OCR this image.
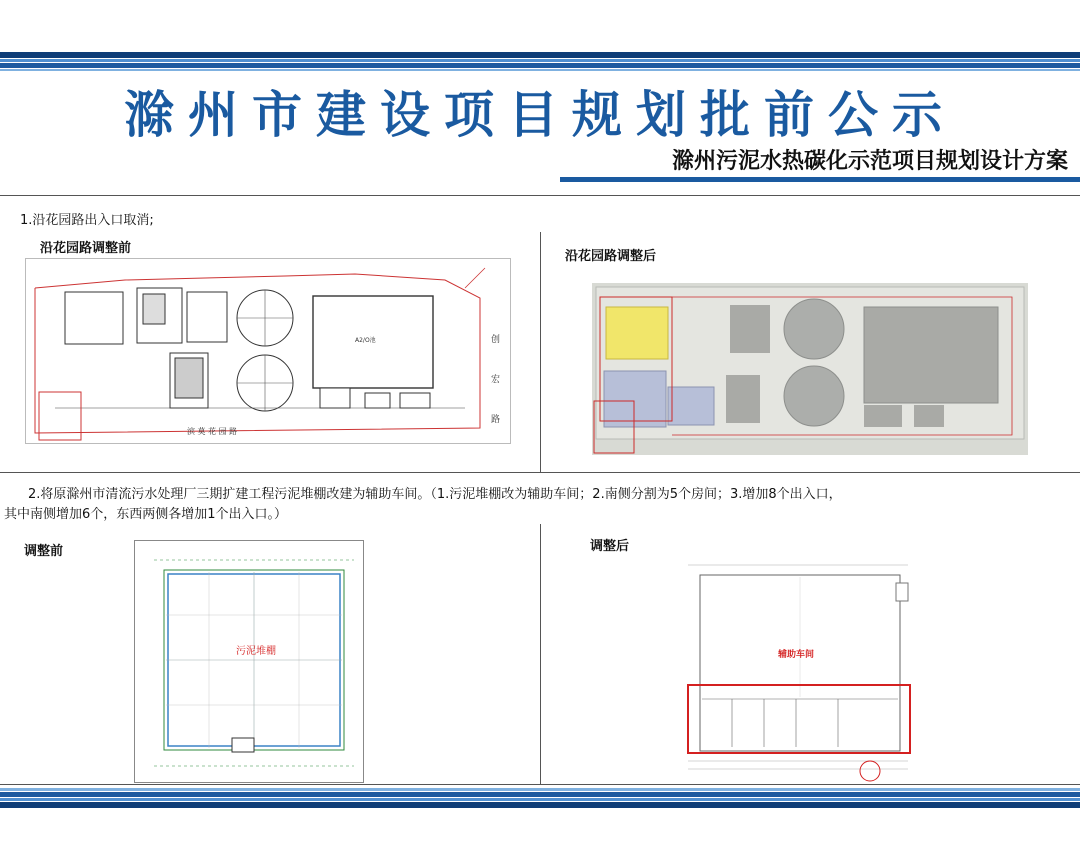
滁州市建设项目规划批前公示
滁州污泥水热碳化示范项目规划设计方案
1.沿花园路出入口取消;
沿花园路调整前
沿花园路调整后
A2/O池	创
宏
路
滨 莫 花 园 路
2.将原滁州市清流污水处理厂三期扩建工程污泥堆棚改建为辅助车间。（1.污泥堆棚改为辅助车间；2.南侧分割为5个房间；3.增加8个出入口，
其中南侧增加6个，东西两侧各增加1个出入口。）
调整前	调整后
污泥堆棚	辅助车间
